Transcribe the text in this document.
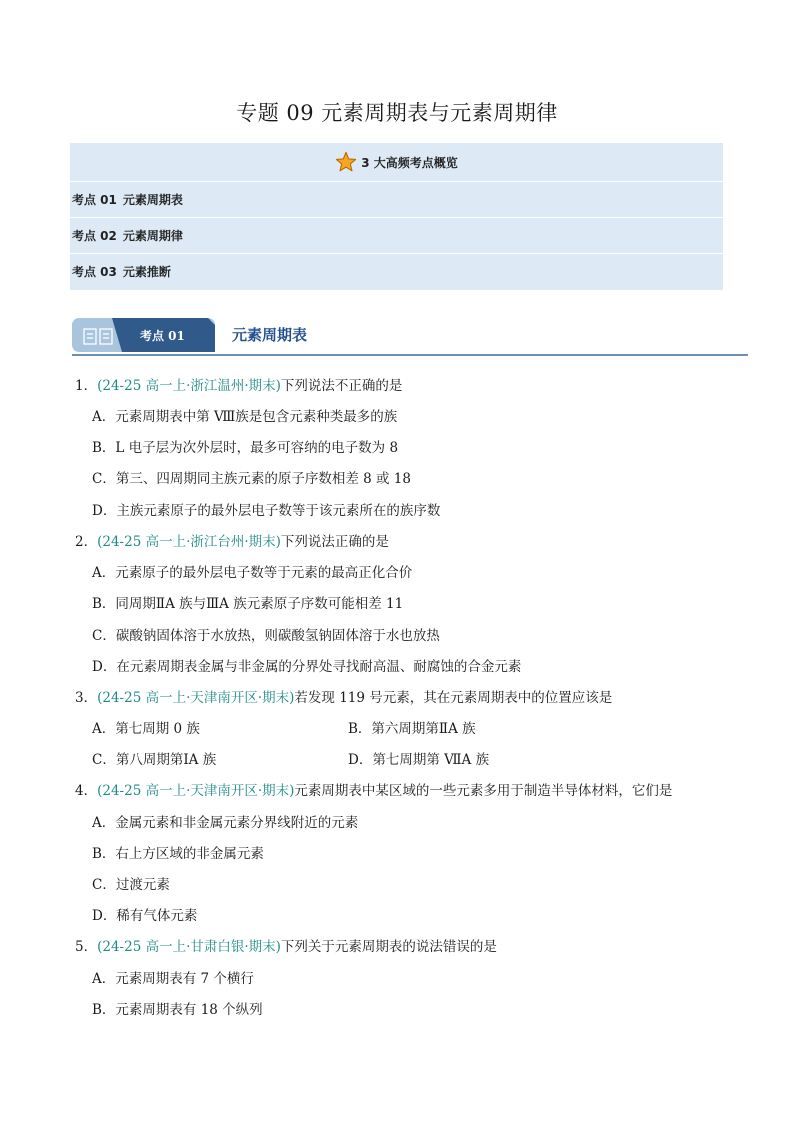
专题 09 元素周期表与元素周期律
3 大高频考点概览
考点 01 元素周期表
考点 02 元素周期律
考点 03 元素推断
考点 01	元素周期表
1．(24-25 高一上·浙江温州·期末)下列说法不正确的是
A．元素周期表中第 Ⅷ族是包含元素种类最多的族
B．L 电子层为次外层时，最多可容纳的电子数为 8
C．第三、四周期同主族元素的原子序数相差 8 或 18
D．主族元素原子的最外层电子数等于该元素所在的族序数
2．(24-25 高一上·浙江台州·期末)下列说法正确的是
A．元素原子的最外层电子数等于元素的最高正化合价
B．同周期ⅡA 族与ⅢA 族元素原子序数可能相差 11
C．碳酸钠固体溶于水放热，则碳酸氢钠固体溶于水也放热
D．在元素周期表金属与非金属的分界处寻找耐高温、耐腐蚀的合金元素
3．(24-25 高一上·天津南开区·期末)若发现 119 号元素，其在元素周期表中的位置应该是
A．第七周期 0 族	B．第六周期第ⅡA 族
C．第八周期第ⅠA 族	D．第七周期第 ⅦA 族
4．(24-25 高一上·天津南开区·期末)元素周期表中某区域的一些元素多用于制造半导体材料，它们是
A．金属元素和非金属元素分界线附近的元素
B．右上方区域的非金属元素
C．过渡元素
D．稀有气体元素
5．(24-25 高一上·甘肃白银·期末)下列关于元素周期表的说法错误的是
A．元素周期表有 7 个横行
B．元素周期表有 18 个纵列
